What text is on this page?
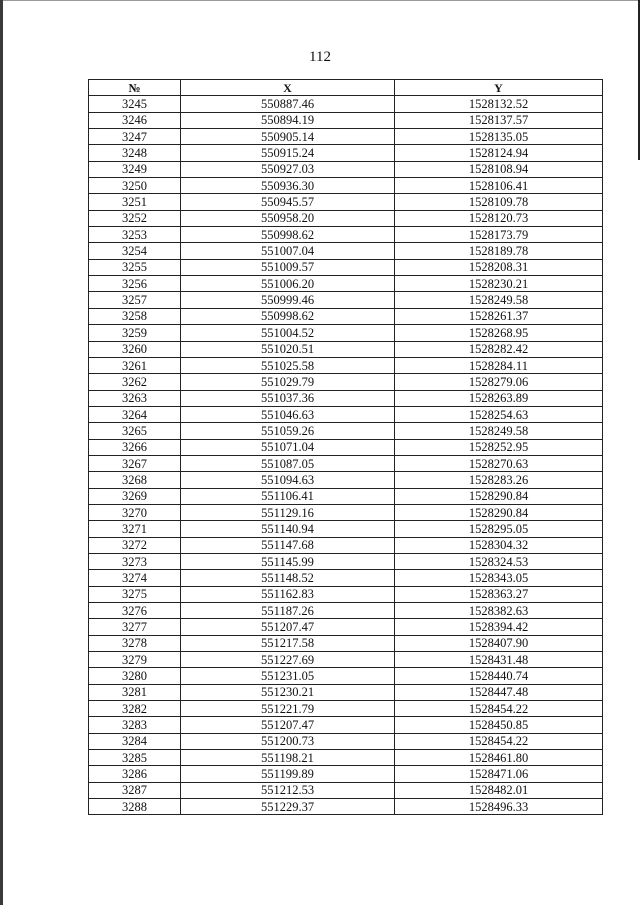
112
№	X	Y
3245	550887.46	1528132.52
3246	550894.19	1528137.57
3247	550905.14	1528135.05
3248	550915.24	1528124.94
3249	550927.03	1528108.94
3250	550936.30	1528106.41
3251	550945.57	1528109.78
3252	550958.20	1528120.73
3253	550998.62	1528173.79
3254	551007.04	1528189.78
3255	551009.57	1528208.31
3256	551006.20	1528230.21
3257	550999.46	1528249.58
3258	550998.62	1528261.37
3259	551004.52	1528268.95
3260	551020.51	1528282.42
3261	551025.58	1528284.11
3262	551029.79	1528279.06
3263	551037.36	1528263.89
3264	551046.63	1528254.63
3265	551059.26	1528249.58
3266	551071.04	1528252.95
3267	551087.05	1528270.63
3268	551094.63	1528283.26
3269	551106.41	1528290.84
3270	551129.16	1528290.84
3271	551140.94	1528295.05
3272	551147.68	1528304.32
3273	551145.99	1528324.53
3274	551148.52	1528343.05
3275	551162.83	1528363.27
3276	551187.26	1528382.63
3277	551207.47	1528394.42
3278	551217.58	1528407.90
3279	551227.69	1528431.48
3280	551231.05	1528440.74
3281	551230.21	1528447.48
3282	551221.79	1528454.22
3283	551207.47	1528450.85
3284	551200.73	1528454.22
3285	551198.21	1528461.80
3286	551199.89	1528471.06
3287	551212.53	1528482.01
3288	551229.37	1528496.33
